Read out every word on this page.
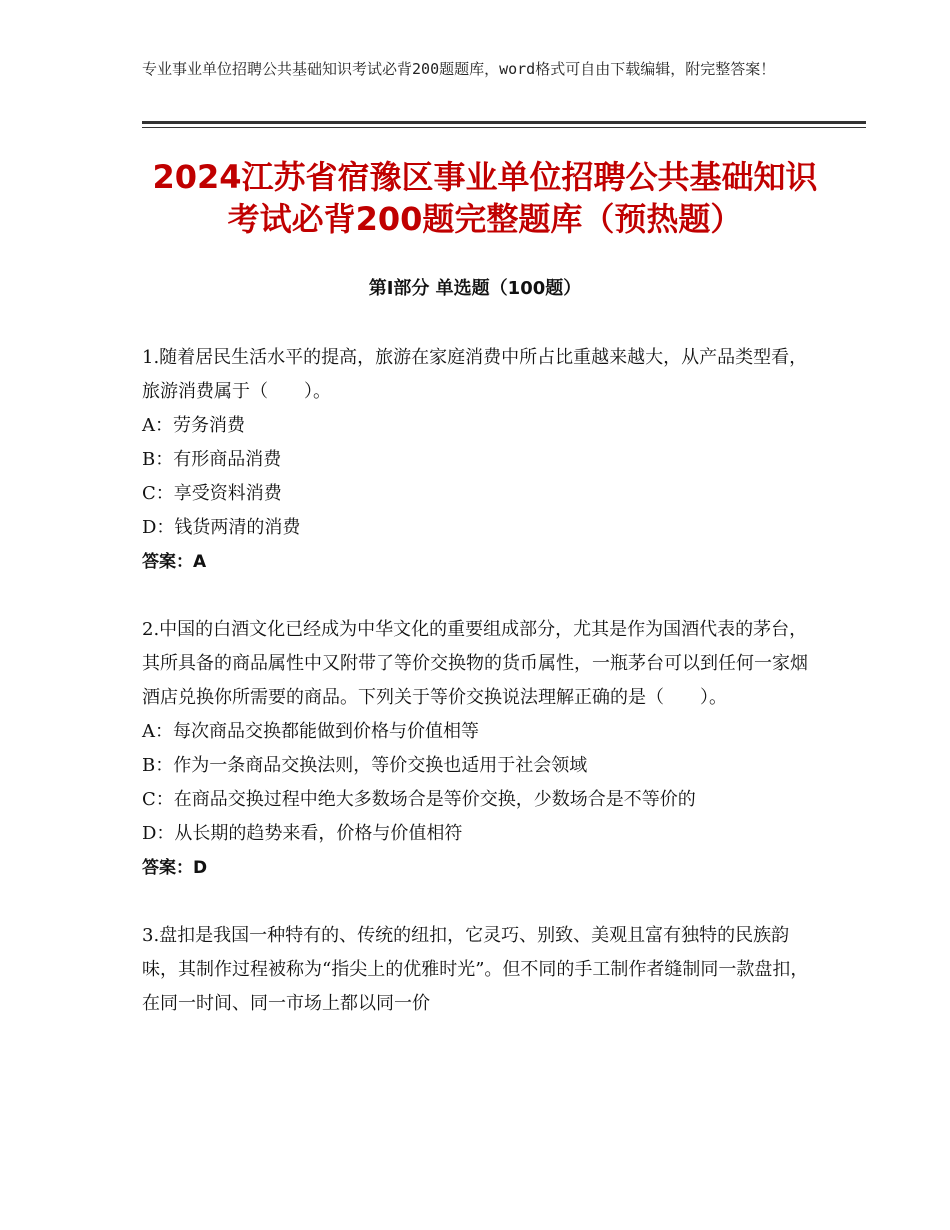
专业事业单位招聘公共基础知识考试必背200题题库，word格式可自由下载编辑，附完整答案！
2024江苏省宿豫区事业单位招聘公共基础知识考试必背200题完整题库（预热题）
第Ⅰ部分 单选题（100题）

1.随着居民生活水平的提高，旅游在家庭消费中所占比重越来越大，从产品类型看，旅游消费属于（　　）。

A：劳务消费

B：有形商品消费

C：享受资料消费

D：钱货两清的消费

答案：A

2.中国的白酒文化已经成为中华文化的重要组成部分，尤其是作为国酒代表的茅台，其所具备的商品属性中又附带了等价交换物的货币属性，一瓶茅台可以到任何一家烟酒店兑换你所需要的商品。下列关于等价交换说法理解正确的是（　　）。

A：每次商品交换都能做到价格与价值相等

B：作为一条商品交换法则，等价交换也适用于社会领域

C：在商品交换过程中绝大多数场合是等价交换，少数场合是不等价的

D：从长期的趋势来看，价格与价值相符

答案：D

3.盘扣是我国一种特有的、传统的纽扣，它灵巧、别致、美观且富有独特的民族韵味，其制作过程被称为“指尖上的优雅时光”。但不同的手工制作者缝制同一款盘扣，在同一时间、同一市场上都以同一价
